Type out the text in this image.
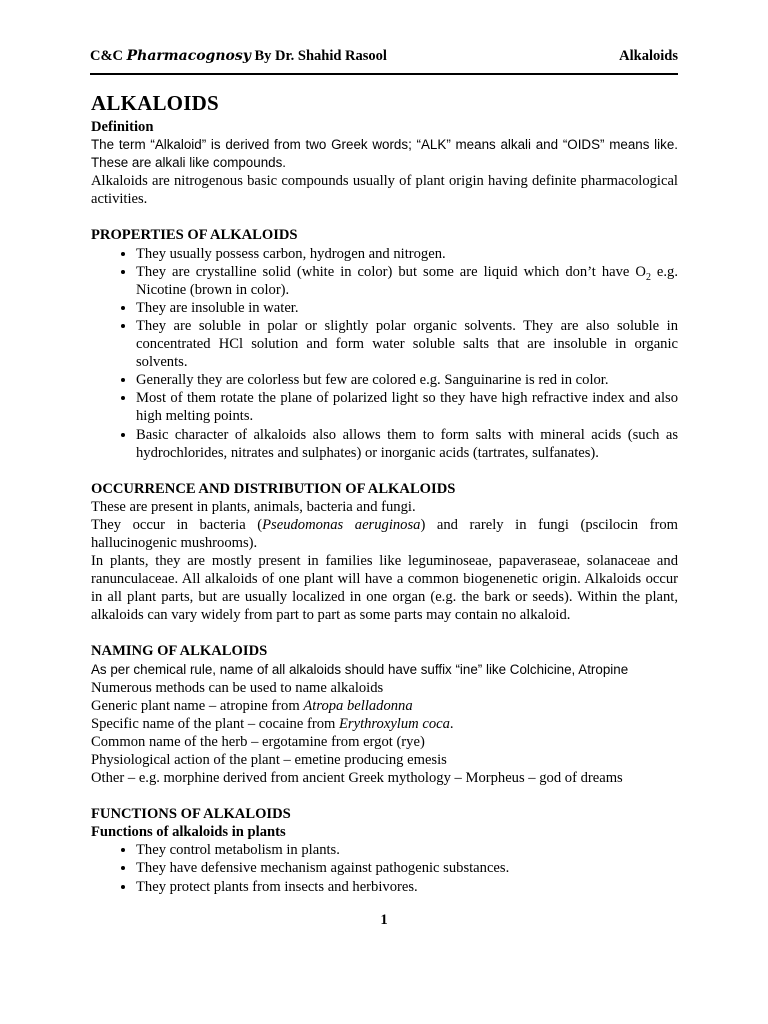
C&C Pharmacognosy By Dr. Shahid Rasool	Alkaloids
ALKALOIDS
Definition

The term “Alkaloid” is derived from two Greek words; “ALK” means alkali and “OIDS” means like. These are alkali like compounds.

Alkaloids are nitrogenous basic compounds usually of plant origin having definite pharmacological activities.

PROPERTIES OF ALKALOIDS
• They usually possess carbon, hydrogen and nitrogen.
• They are crystalline solid (white in color) but some are liquid which don’t have $O_2$ e.g. Nicotine (brown in color).
• They are insoluble in water.
• They are soluble in polar or slightly polar organic solvents. They are also soluble in concentrated HCl solution and form water soluble salts that are insoluble in organic solvents.
• Generally they are colorless but few are colored e.g. Sanguinarine is red in color.
• Most of them rotate the plane of polarized light so they have high refractive index and also high melting points.
• Basic character of alkaloids also allows them to form salts with mineral acids (such as hydrochlorides, nitrates and sulphates) or inorganic acids (tartrates, sulfanates).
OCCURRENCE AND DISTRIBUTION OF ALKALOIDS

These are present in plants, animals, bacteria and fungi.

They occur in bacteria (Pseudomonas aeruginosa) and rarely in fungi (pscilocin from hallucinogenic mushrooms).

In plants, they are mostly present in families like leguminoseae, papaveraseae, solanaceae and ranunculaceae. All alkaloids of one plant will have a common biogenenetic origin. Alkaloids occur in all plant parts, but are usually localized in one organ (e.g. the bark or seeds). Within the plant, alkaloids can vary widely from part to part as some parts may contain no alkaloid.

NAMING OF ALKALOIDS

As per chemical rule, name of all alkaloids should have suffix “ine” like Colchicine, Atropine

Numerous methods can be used to name alkaloids

Generic plant name – atropine from Atropa belladonna

Specific name of the plant – cocaine from Erythroxylum coca.

Common name of the herb – ergotamine from ergot (rye)

Physiological action of the plant – emetine producing emesis

Other – e.g. morphine derived from ancient Greek mythology – Morpheus – god of dreams

FUNCTIONS OF ALKALOIDS
Functions of alkaloids in plants
• They control metabolism in plants.
• They have defensive mechanism against pathogenic substances.
• They protect plants from insects and herbivores.
1
